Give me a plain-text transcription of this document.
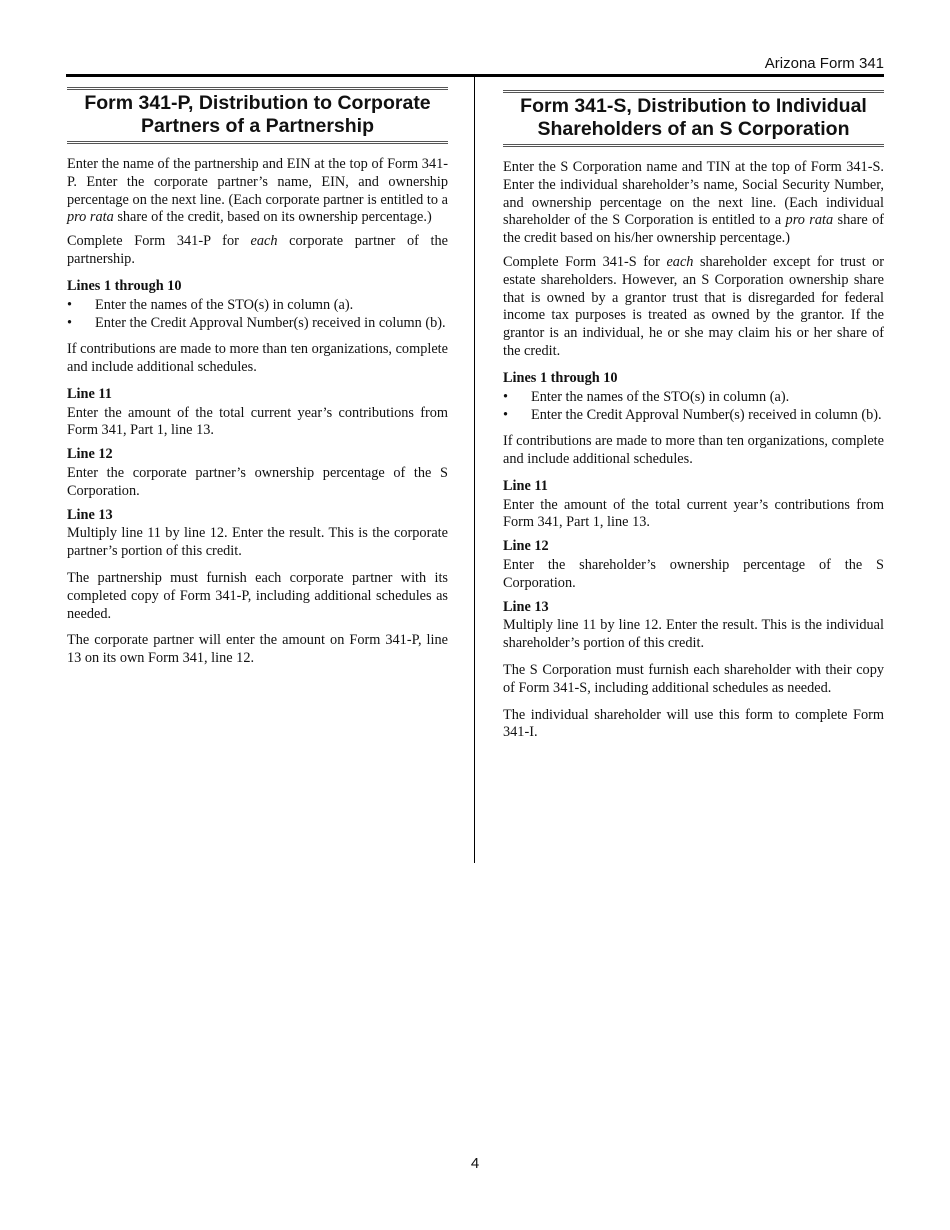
Arizona Form 341
Form 341-P, Distribution to Corporate
Partners of a Partnership

Enter the name of the partnership and EIN at the top of Form 341-P. Enter the corporate partner’s name, EIN, and ownership percentage on the next line. (Each corporate partner is entitled to a pro rata share of the credit, based on its ownership percentage.)

Complete Form 341-P for each corporate partner of the partnership.

Lines 1 through 10
• Enter the names of the STO(s) in column (a).
• Enter the Credit Approval Number(s) received in column (b).

If contributions are made to more than ten organizations, complete and include additional schedules.

Line 11

Enter the amount of the total current year’s contributions from Form 341, Part 1, line 13.

Line 12

Enter the corporate partner’s ownership percentage of the S Corporation.

Line 13

Multiply line 11 by line 12. Enter the result. This is the corporate partner’s portion of this credit.

The partnership must furnish each corporate partner with its completed copy of Form 341-P, including additional schedules as needed.

The corporate partner will enter the amount on Form 341-P, line 13 on its own Form 341, line 12.

Form 341-S, Distribution to Individual
Shareholders of an S Corporation

Enter the S Corporation name and TIN at the top of Form 341-S. Enter the individual shareholder’s name, Social Security Number, and ownership percentage on the next line. (Each individual shareholder of the S Corporation is entitled to a pro rata share of the credit based on his/her ownership percentage.)

Complete Form 341-S for each shareholder except for trust or estate shareholders. However, an S Corporation ownership share that is owned by a grantor trust that is disregarded for federal income tax purposes is treated as owned by the grantor. If the grantor is an individual, he or she may claim his or her share of the credit.

Lines 1 through 10
• Enter the names of the STO(s) in column (a).
• Enter the Credit Approval Number(s) received in column (b).

If contributions are made to more than ten organizations, complete and include additional schedules.

Line 11

Enter the amount of the total current year’s contributions from Form 341, Part 1, line 13.

Line 12

Enter the shareholder’s ownership percentage of the S Corporation.

Line 13

Multiply line 11 by line 12. Enter the result. This is the individual shareholder’s portion of this credit.

The S Corporation must furnish each shareholder with their copy of Form 341-S, including additional schedules as needed.

The individual shareholder will use this form to complete Form 341-I.

4
